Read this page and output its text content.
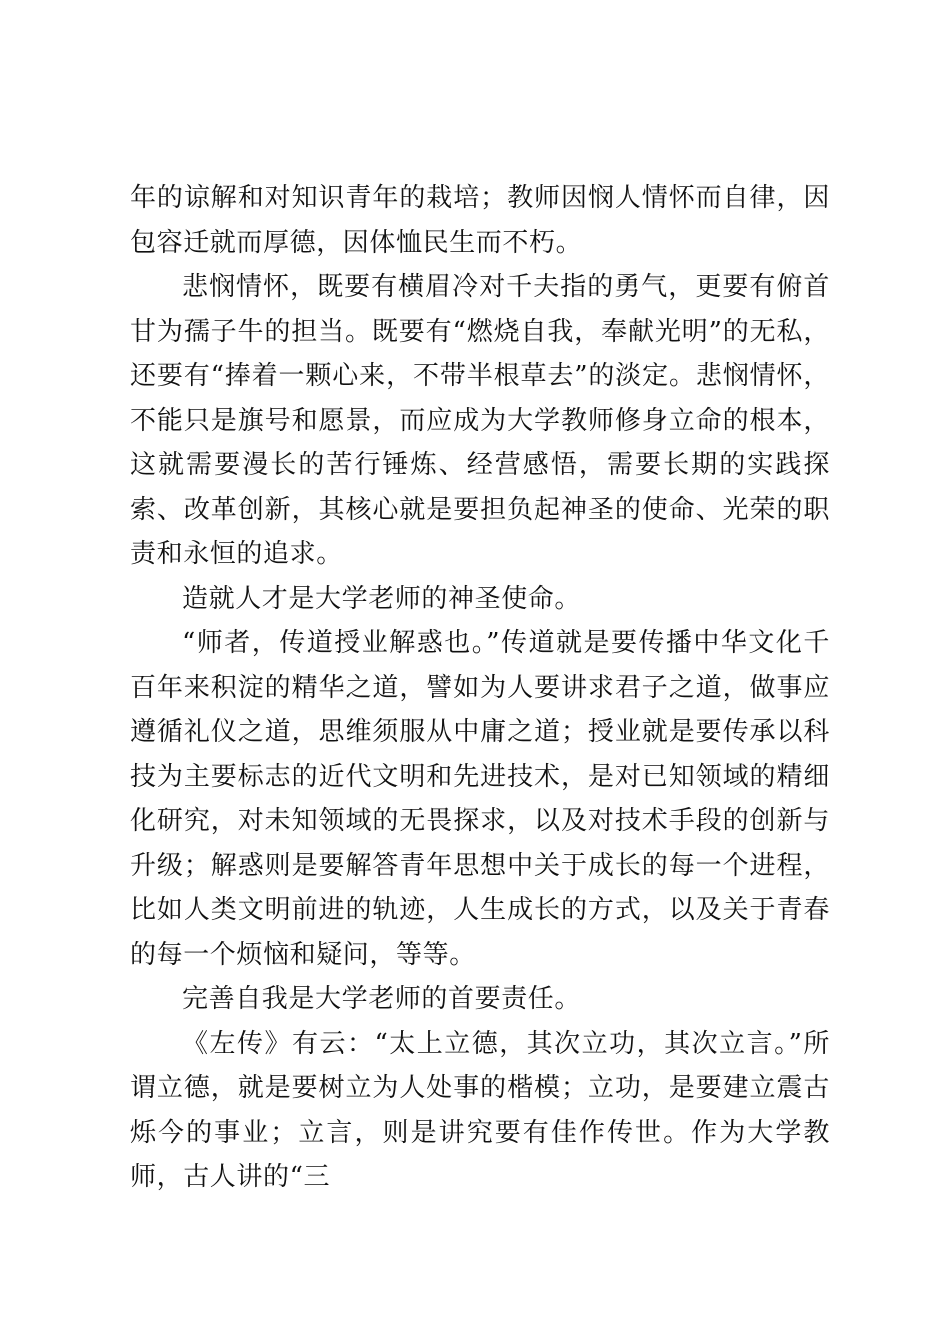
年的谅解和对知识青年的栽培；教师因悯人情怀而自律，因包容迁就而厚德，因体恤民生而不朽。

悲悯情怀，既要有横眉冷对千夫指的勇气，更要有俯首甘为孺子牛的担当。既要有“燃烧自我，奉献光明”的无私，还要有“捧着一颗心来，不带半根草去”的淡定。悲悯情怀，不能只是旗号和愿景，而应成为大学教师修身立命的根本，这就需要漫长的苦行锤炼、经营感悟，需要长期的实践探索、改革创新，其核心就是要担负起神圣的使命、光荣的职责和永恒的追求。

造就人才是大学老师的神圣使命。

“师者，传道授业解惑也。”传道就是要传播中华文化千百年来积淀的精华之道，譬如为人要讲求君子之道，做事应遵循礼仪之道，思维须服从中庸之道；授业就是要传承以科技为主要标志的近代文明和先进技术，是对已知领域的精细化研究，对未知领域的无畏探求，以及对技术手段的创新与升级；解惑则是要解答青年思想中关于成长的每一个进程，比如人类文明前进的轨迹，人生成长的方式，以及关于青春的每一个烦恼和疑问，等等。

完善自我是大学老师的首要责任。

《左传》有云：“太上立德，其次立功，其次立言。”所谓立德，就是要树立为人处事的楷模；立功，是要建立震古烁今的事业；立言，则是讲究要有佳作传世。作为大学教师，古人讲的“三
